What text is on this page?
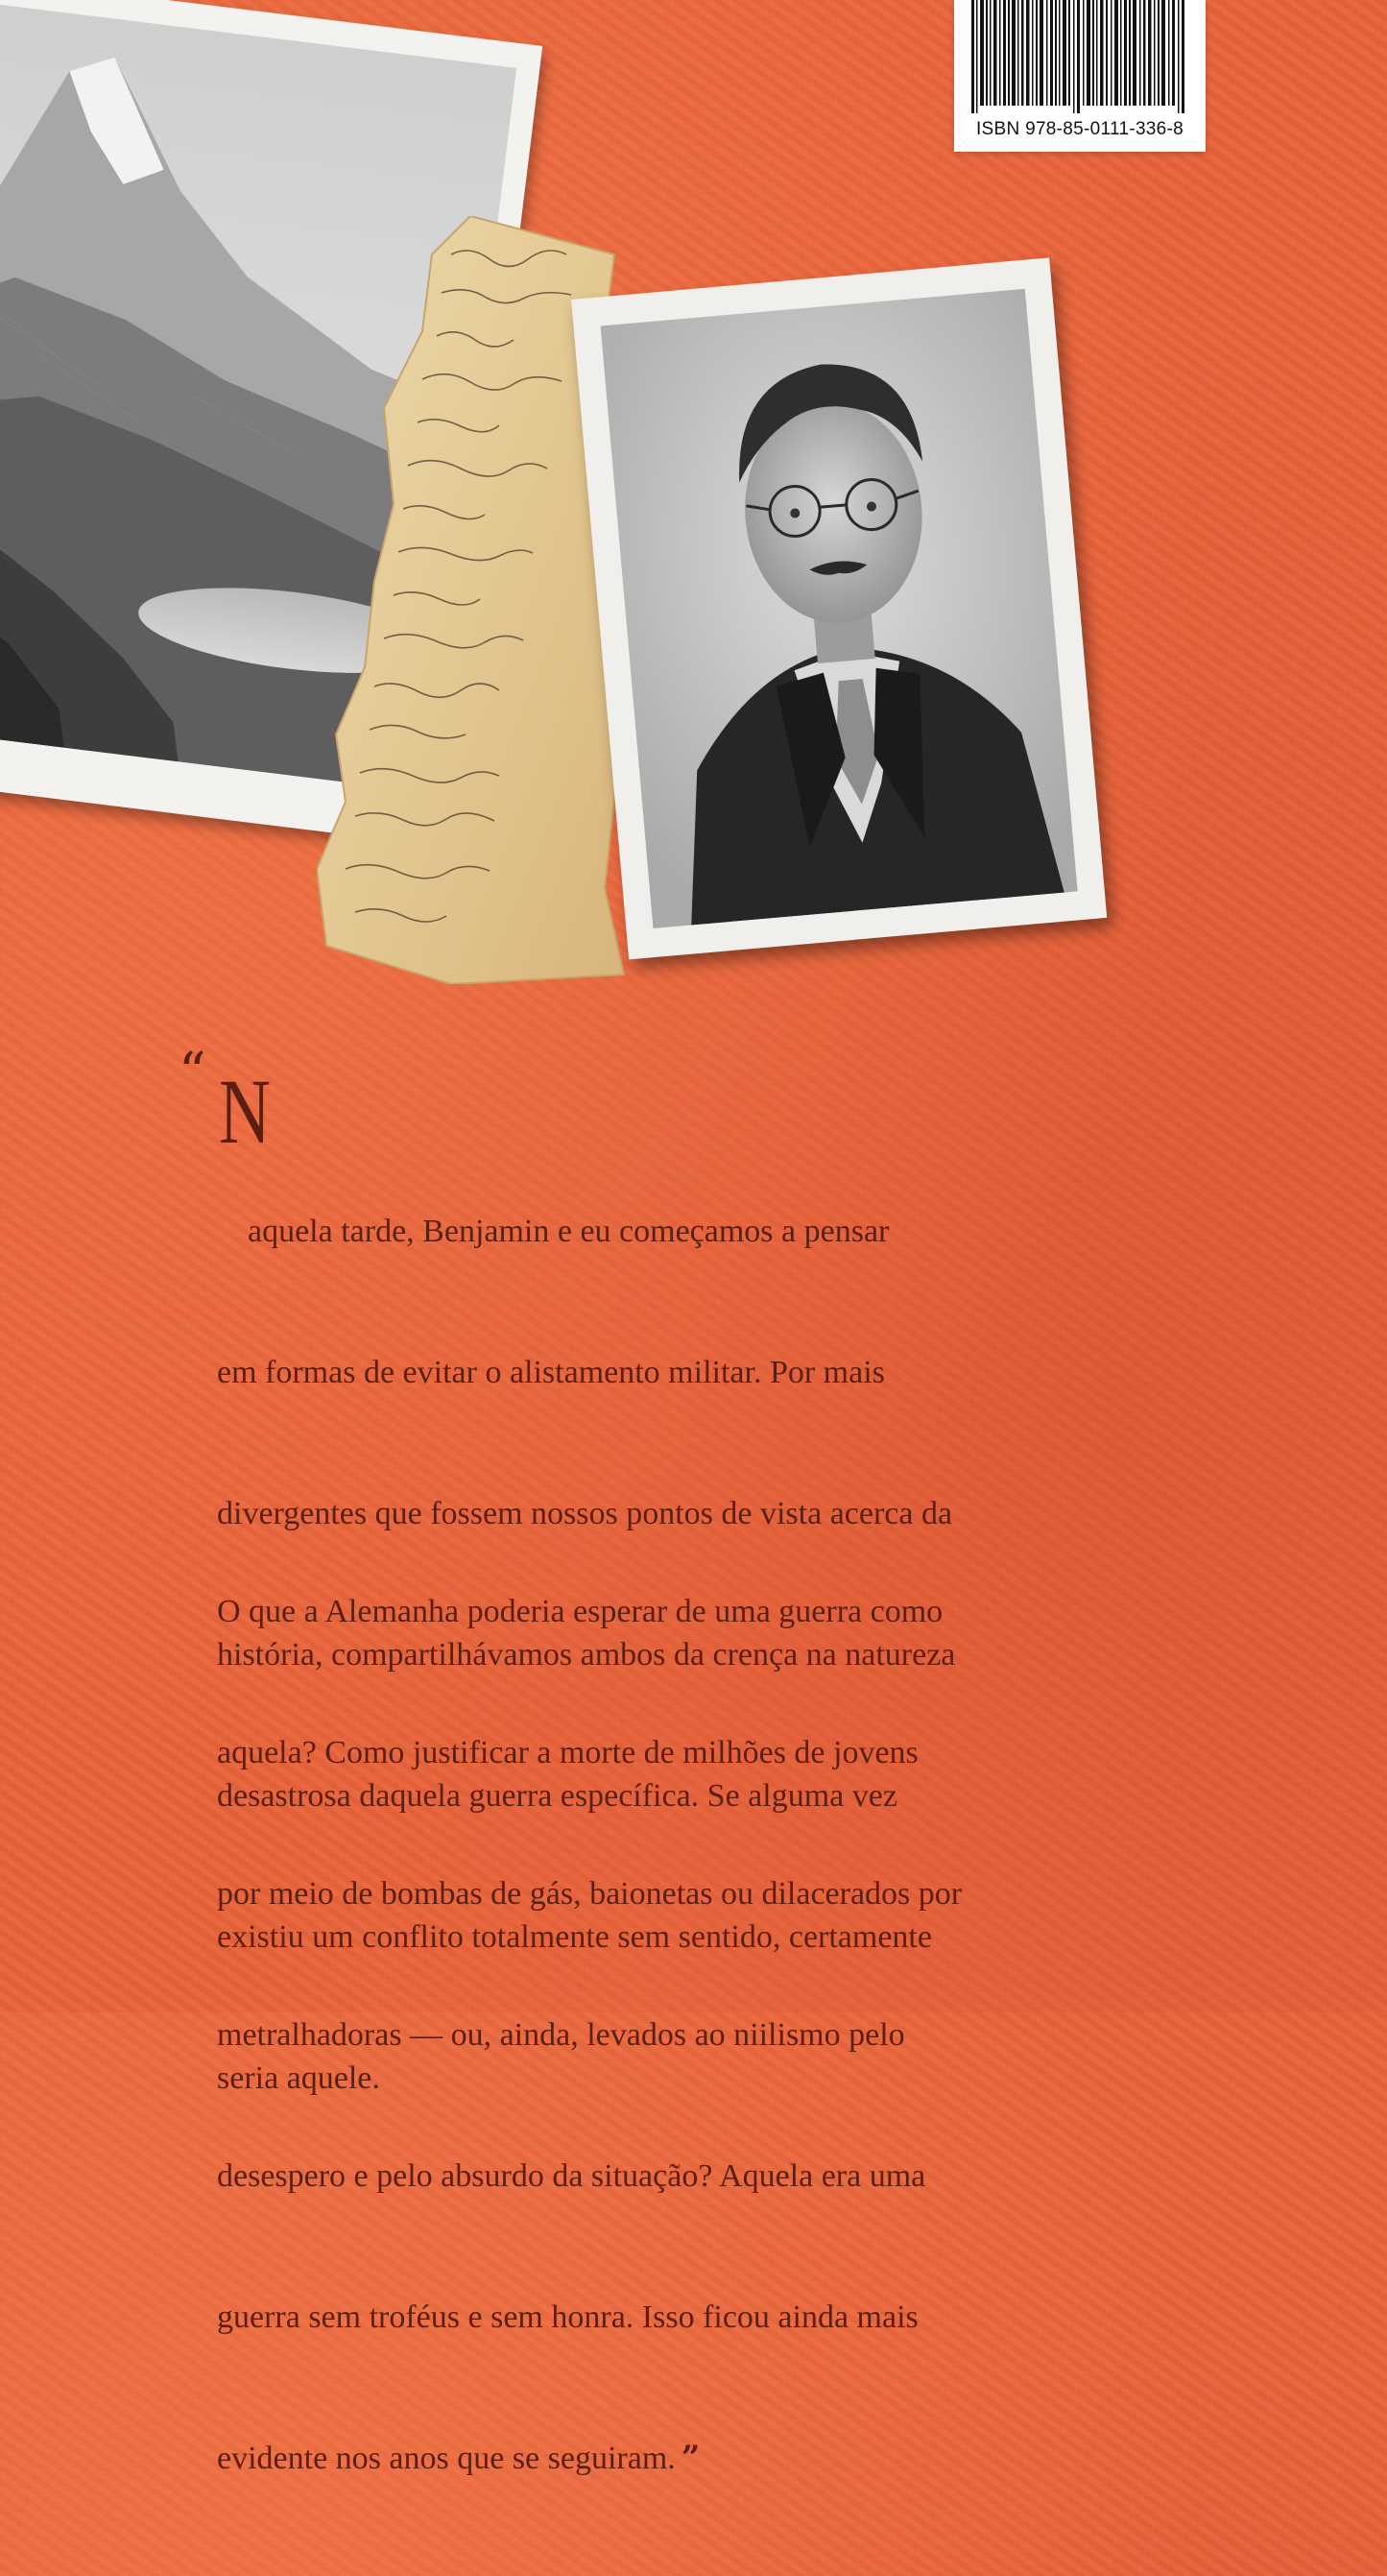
ISBN 978-85-0111-336-8
“ N

aquela tarde, Benjamin e eu começamos a pensar

em formas de evitar o alistamento militar. Por mais

divergentes que fossem nossos pontos de vista acerca da

história, compartilhávamos ambos da crença na natureza

desastrosa daquela guerra específica. Se alguma vez

existiu um conflito totalmente sem sentido, certamente

seria aquele.

O que a Alemanha poderia esperar de uma guerra como

aquela? Como justificar a morte de milhões de jovens

por meio de bombas de gás, baionetas ou dilacerados por

metralhadoras — ou, ainda, levados ao niilismo pelo

desespero e pelo absurdo da situação? Aquela era uma

guerra sem troféus e sem honra. Isso ficou ainda mais

evidente nos anos que se seguiram. ”
